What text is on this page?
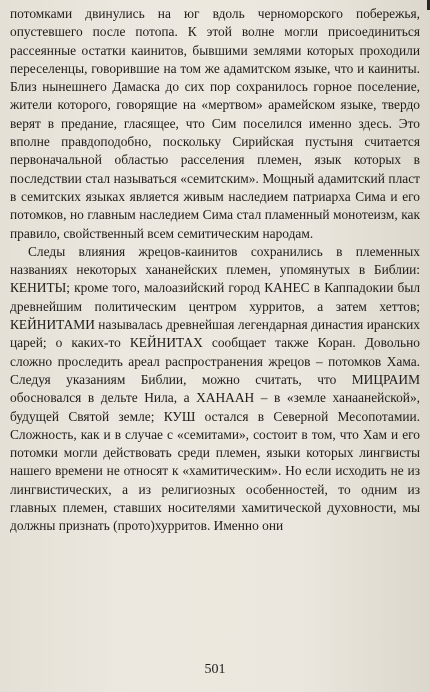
потомками двинулись на юг вдоль черноморского побережья, опустевшего после потопа. К этой волне могли присоединиться рассеянные остатки каинитов, бывшими землями которых проходили переселенцы, говорившие на том же адамитском языке, что и каиниты. Близ нынешнего Дамаска до сих пор сохранилось горное поселение, жители которого, говорящие на «мертвом» арамейском языке, твердо верят в предание, гласящее, что Сим поселился именно здесь. Это вполне правдоподобно, поскольку Сирийская пустыня считается первоначальной областью расселения племен, язык которых в последствии стал называться «семитским». Мощный адамитский пласт в семитских языках является живым наследием патриарха Сима и его потомков, но главным наследием Сима стал пламенный монотеизм, как правило, свойственный всем семитическим народам.

Следы влияния жрецов-каинитов сохранились в племенных названиях некоторых хананейских племен, упомянутых в Библии: КЕНИТЫ; кроме того, малоазийский город КАНЕС в Каппадокии был древнейшим политическим центром хурритов, а затем хеттов; КЕЙНИТАМИ называлась древнейшая легендарная династия иранских царей; о каких-то КЕЙНИТАХ сообщает также Коран. Довольно сложно проследить ареал распространения жрецов – потомков Хама. Следуя указаниям Библии, можно считать, что МИЦРАИМ обосновался в дельте Нила, а ХАНААН – в «земле ханаанейской», будущей Святой земле; КУШ остался в Северной Месопотамии. Сложность, как и в случае с «семитами», состоит в том, что Хам и его потомки могли действовать среди племен, языки которых лингвисты нашего времени не относят к «хамитическим». Но если исходить не из лингвистических, а из религиозных особенностей, то одним из главных племен, ставших носителями хамитической духовности, мы должны признать (прото)хурритов. Именно они

501
